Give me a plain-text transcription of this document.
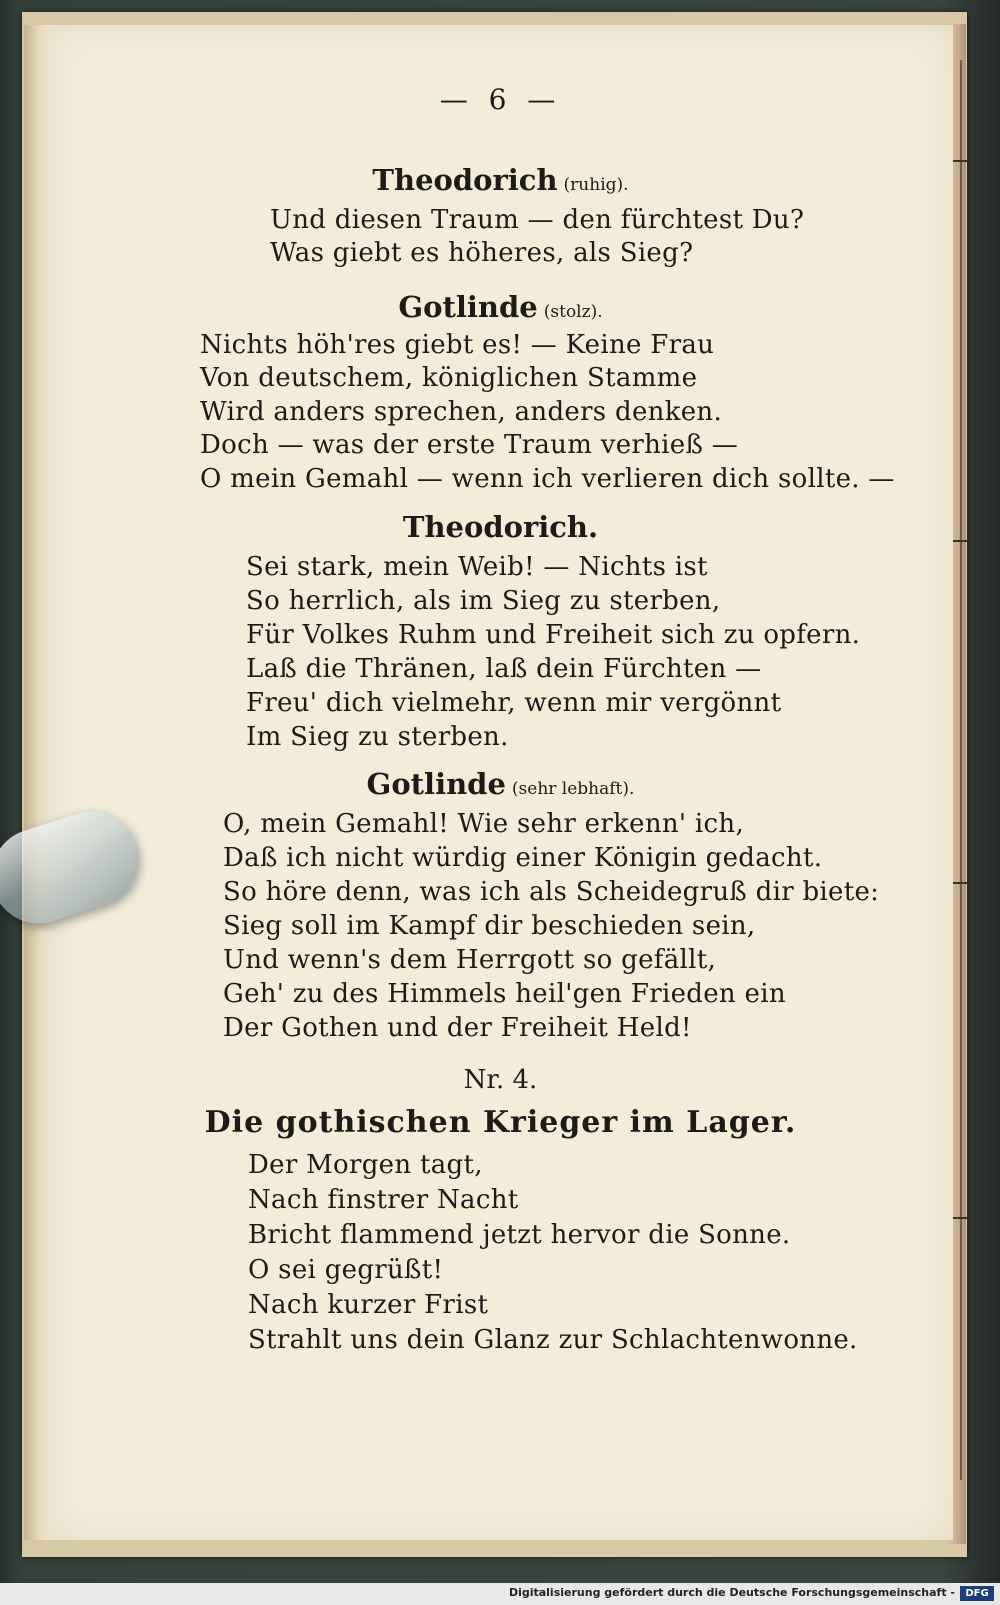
— 6 —
Theodorich (ruhig).
Und diesen Traum — den fürchtest Du?
Was giebt es höheres, als Sieg?
Gotlinde (stolz).
Nichts höh'res giebt es! — Keine Frau
Von deutschem, königlichen Stamme
Wird anders sprechen, anders denken.
Doch — was der erste Traum verhieß —
O mein Gemahl — wenn ich verlieren dich sollte. —
Theodorich.
Sei stark, mein Weib! — Nichts ist
So herrlich, als im Sieg zu sterben,
Für Volkes Ruhm und Freiheit sich zu opfern.
Laß die Thränen, laß dein Fürchten —
Freu' dich vielmehr, wenn mir vergönnt
Im Sieg zu sterben.
Gotlinde (sehr lebhaft).
O, mein Gemahl! Wie sehr erkenn' ich,
Daß ich nicht würdig einer Königin gedacht.
So höre denn, was ich als Scheidegruß dir biete:
Sieg soll im Kampf dir beschieden sein,
Und wenn's dem Herrgott so gefällt,
Geh' zu des Himmels heil'gen Frieden ein
Der Gothen und der Freiheit Held!
Nr. 4.
Die gothischen Krieger im Lager.
Der Morgen tagt,
Nach finstrer Nacht
Bricht flammend jetzt hervor die Sonne.
O sei gegrüßt!
Nach kurzer Frist
Strahlt uns dein Glanz zur Schlachtenwonne.
Digitalisierung gefördert durch die Deutsche Forschungsgemeinschaft -	DFG
